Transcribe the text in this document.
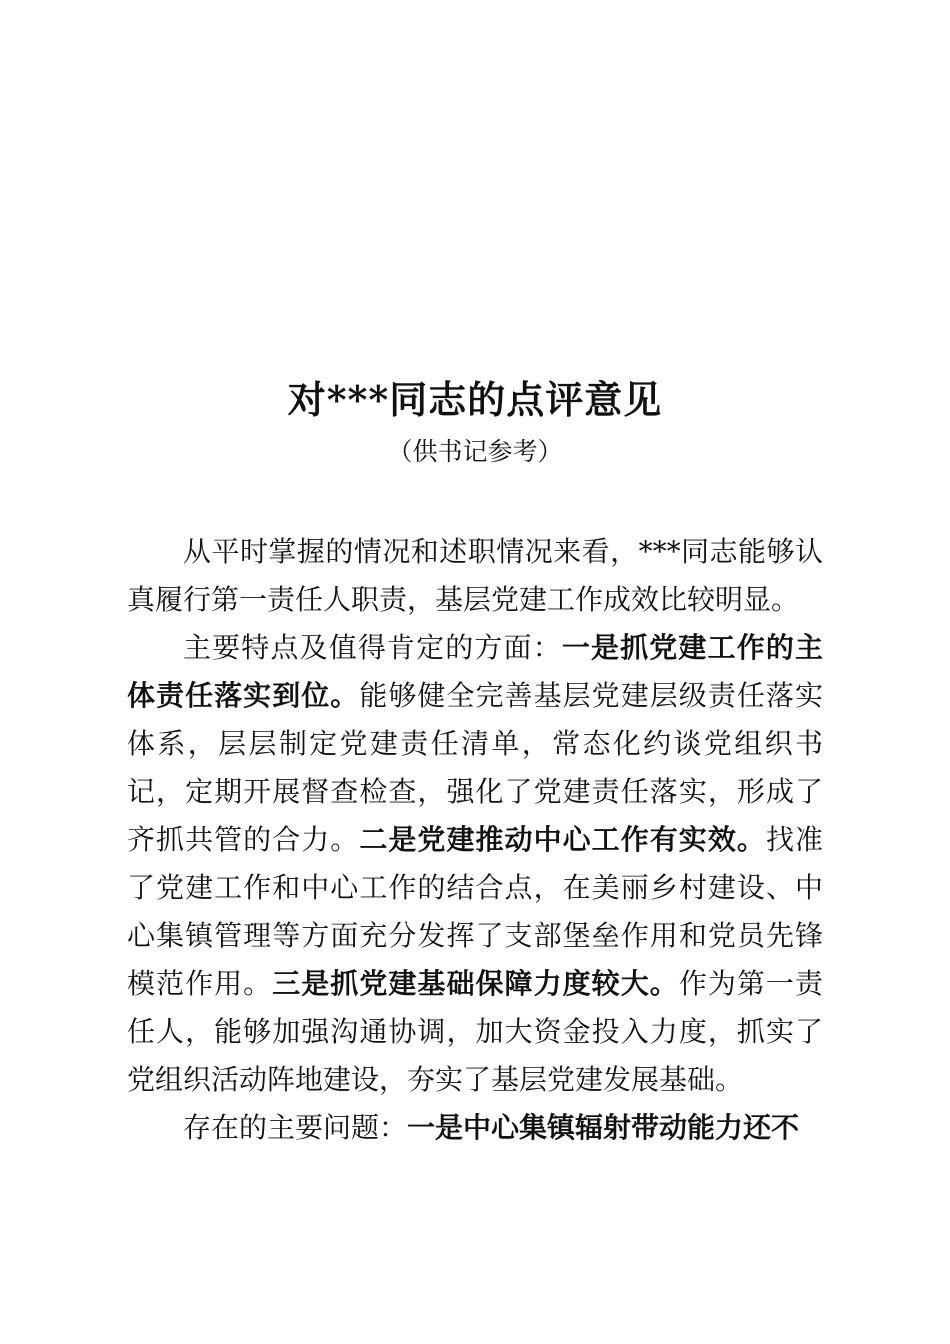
对***同志的点评意见
（供书记参考）

从平时掌握的情况和述职情况来看，***同志能够认真履行第一责任人职责，基层党建工作成效比较明显。

主要特点及值得肯定的方面：一是抓党建工作的主体责任落实到位。能够健全完善基层党建层级责任落实体系，层层制定党建责任清单，常态化约谈党组织书记，定期开展督查检查，强化了党建责任落实，形成了齐抓共管的合力。二是党建推动中心工作有实效。找准了党建工作和中心工作的结合点，在美丽乡村建设、中心集镇管理等方面充分发挥了支部堡垒作用和党员先锋模范作用。三是抓党建基础保障力度较大。作为第一责任人，能够加强沟通协调，加大资金投入力度，抓实了党组织活动阵地建设，夯实了基层党建发展基础。

存在的主要问题：一是中心集镇辐射带动能力还不
